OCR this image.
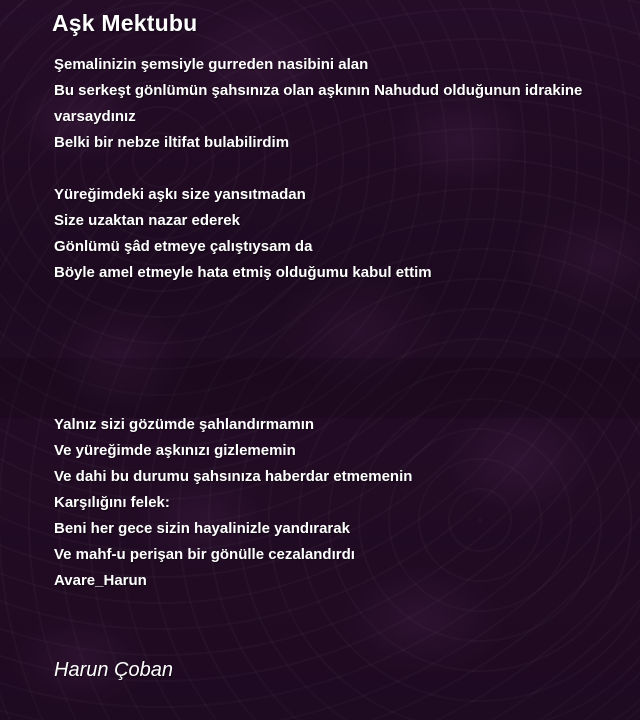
Aşk Mektubu
Şemalinizin şemsiyle gurreden nasibini alan
Bu serkeşt gönlümün şahsınıza olan aşkının Nahudud olduğunun idrakine varsaydınız
Belki bir nebze iltifat bulabilirdim
Yüreğimdeki aşkı size yansıtmadan
Size uzaktan nazar ederek
Gönlümü şâd etmeye çalıştıysam da
Böyle amel etmeyle hata etmiş olduğumu kabul ettim
Yalnız sizi gözümde şahlandırmamın
Ve yüreğimde aşkınızı gizlememin
Ve dahi bu durumu şahsınıza haberdar etmemenin
Karşılığını felek:
Beni her gece sizin hayalinizle yandırarak
Ve mahf-u perişan bir gönülle cezalandırdı
Avare_Harun

Harun Çoban
